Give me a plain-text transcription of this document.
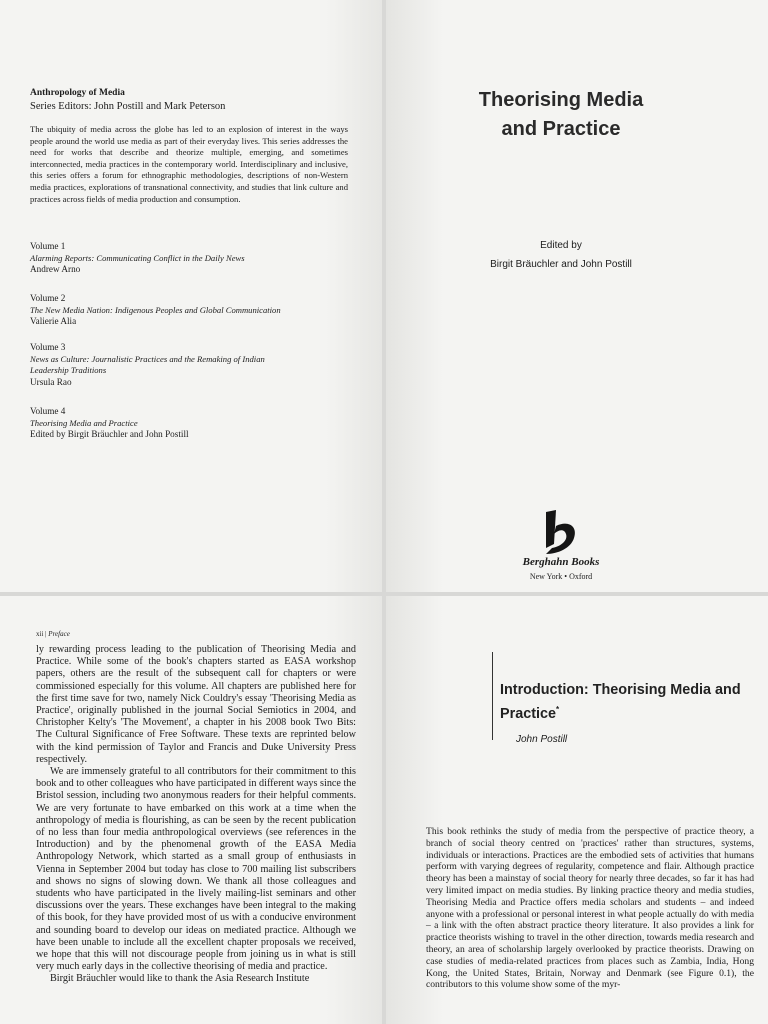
Anthropology of Media
Series Editors: John Postill and Mark Peterson
The ubiquity of media across the globe has led to an explosion of interest in the ways people around the world use media as part of their everyday lives. This series addresses the need for works that describe and theorize multiple, emerging, and sometimes interconnected, media practices in the contemporary world. Interdisciplinary and inclusive, this series offers a forum for ethnographic methodologies, descriptions of non-Western media practices, explorations of transnational connectivity, and studies that link culture and practices across fields of media production and consumption.
Volume 1
Alarming Reports: Communicating Conflict in the Daily News
Andrew Arno
Volume 2
The New Media Nation: Indigenous Peoples and Global Communication
Valierie Alia
Volume 3
News as Culture: Journalistic Practices and the Remaking of Indian Leadership Traditions
Ursula Rao
Volume 4
Theorising Media and Practice
Edited by Birgit Bräuchler and John Postill
Theorising Media
and Practice
Edited by
Birgit Bräuchler and John Postill
Berghahn Books
New York • Oxford
xii | Preface

ly rewarding process leading to the publication of Theorising Media and Practice. While some of the book's chapters started as EASA workshop papers, others are the result of the subsequent call for chapters or were commissioned especially for this volume. All chapters are published here for the first time save for two, namely Nick Couldry's essay 'Theorising Media as Practice', originally published in the journal Social Semiotics in 2004, and Christopher Kelty's 'The Movement', a chapter in his 2008 book Two Bits: The Cultural Significance of Free Software. These texts are reprinted below with the kind permission of Taylor and Francis and Duke University Press respectively.

We are immensely grateful to all contributors for their commitment to this book and to other colleagues who have participated in different ways since the Bristol session, including two anonymous readers for their helpful comments. We are very fortunate to have embarked on this work at a time when the anthropology of media is flourishing, as can be seen by the recent publication of no less than four media anthropological overviews (see references in the Introduction) and by the phenomenal growth of the EASA Media Anthropology Network, which started as a small group of enthusiasts in Vienna in September 2004 but today has close to 700 mailing list subscribers and shows no signs of slowing down. We thank all those colleagues and students who have participated in the lively mailing-list seminars and other discussions over the years. These exchanges have been integral to the making of this book, for they have provided most of us with a conducive environment and sounding board to develop our ideas on mediated practice. Although we have been unable to include all the excellent chapter proposals we received, we hope that this will not discourage people from joining us in what is still very much early days in the collective theorising of media and practice.

Birgit Bräuchler would like to thank the Asia Research Institute

Introduction: Theorising Media and Practice*
John Postill

This book rethinks the study of media from the perspective of practice theory, a branch of social theory centred on 'practices' rather than structures, systems, individuals or interactions. Practices are the embodied sets of activities that humans perform with varying degrees of regularity, competence and flair. Although practice theory has been a mainstay of social theory for nearly three decades, so far it has had very limited impact on media studies. By linking practice theory and media studies, Theorising Media and Practice offers media scholars and students – and indeed anyone with a professional or personal interest in what people actually do with media – a link with the often abstract practice theory literature. It also provides a link for practice theorists wishing to travel in the other direction, towards media research and theory, an area of scholarship largely overlooked by practice theorists. Drawing on case studies of media-related practices from places such as Zambia, India, Hong Kong, the United States, Britain, Norway and Denmark (see Figure 0.1), the contributors to this volume show some of the myr-
